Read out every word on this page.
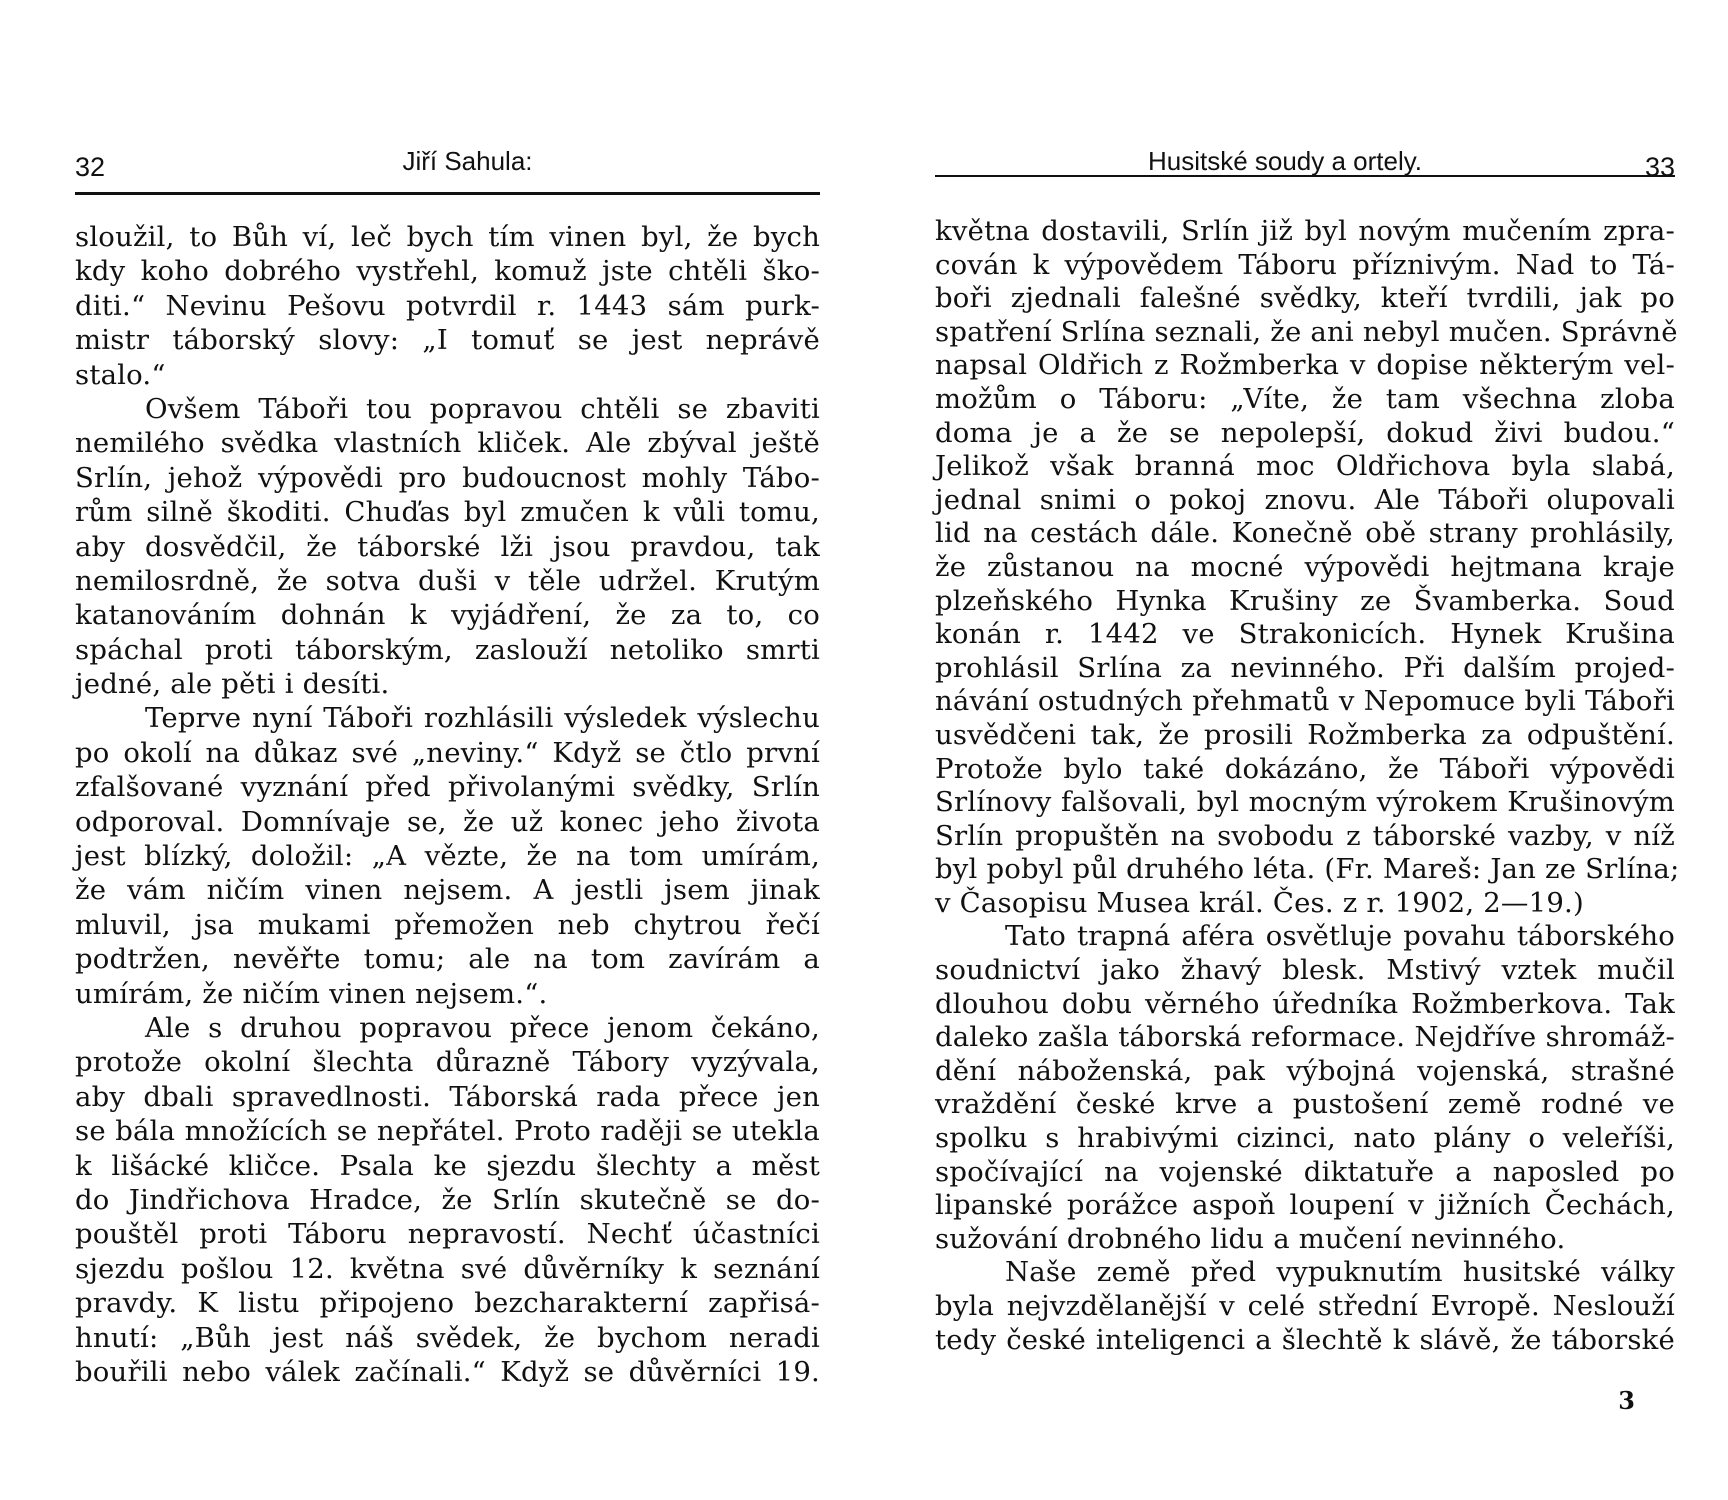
32	Jiří Sahula:
sloužil, to Bůh ví, leč bych tím vinen byl, že bych
kdy koho dobrého vystřehl, komuž jste chtěli ško-
diti.“ Nevinu Pešovu potvrdil r. 1443 sám purk-
mistr táborský slovy: „I tomuť se jest neprávě
stalo.“
Ovšem Táboři tou popravou chtěli se zbaviti
nemilého svědka vlastních kliček. Ale zbýval ještě
Srlín, jehož výpovědi pro budoucnost mohly Tábo-
rům silně škoditi. Chuďas byl zmučen k vůli tomu,
aby dosvědčil, že táborské lži jsou pravdou, tak
nemilosrdně, že sotva duši v těle udržel. Krutým
katanováním dohnán k vyjádření, že za to, co
spáchal proti táborským, zaslouží netoliko smrti
jedné, ale pěti i desíti.
Teprve nyní Táboři rozhlásili výsledek výslechu
po okolí na důkaz své „neviny.“ Když se čtlo první
zfalšované vyznání před přivolanými svědky, Srlín
odporoval. Domnívaje se, že už konec jeho života
jest blízký, doložil: „A vězte, že na tom umírám,
že vám ničím vinen nejsem. A jestli jsem jinak
mluvil, jsa mukami přemožen neb chytrou řečí
podtržen, nevěřte tomu; ale na tom zavírám a
umírám, že ničím vinen nejsem.“.
Ale s druhou popravou přece jenom čekáno,
protože okolní šlechta důrazně Tábory vyzývala,
aby dbali spravedlnosti. Táborská rada přece jen
se bála množících se nepřátel. Proto raději se utekla
k lišácké kličce. Psala ke sjezdu šlechty a měst
do Jindřichova Hradce, že Srlín skutečně se do-
pouštěl proti Táboru nepravostí. Nechť účastníci
sjezdu pošlou 12. května své důvěrníky k seznání
pravdy. K listu připojeno bezcharakterní zapřisá-
hnutí: „Bůh jest náš svědek, že bychom neradi
bouřili nebo válek začínali.“ Když se důvěrníci 19.
Husitské soudy a ortely.	33
května dostavili, Srlín již byl novým mučením zpra-
cován k výpovědem Táboru příznivým. Nad to Tá-
boři zjednali falešné svědky, kteří tvrdili, jak po
spatření Srlína seznali, že ani nebyl mučen. Správně
napsal Oldřich z Rožmberka v dopise některým vel-
možům o Táboru: „Víte, že tam všechna zloba
doma je a že se nepolepší, dokud živi budou.“
Jelikož však branná moc Oldřichova byla slabá,
jednal snimi o pokoj znovu. Ale Táboři olupovali
lid na cestách dále. Konečně obě strany prohlásily,
že zůstanou na mocné výpovědi hejtmana kraje
plzeňského Hynka Krušiny ze Švamberka. Soud
konán r. 1442 ve Strakonicích. Hynek Krušina
prohlásil Srlína za nevinného. Při dalším projed-
návání ostudných přehmatů v Nepomuce byli Táboři
usvědčeni tak, že prosili Rožmberka za odpuštění.
Protože bylo také dokázáno, že Táboři výpovědi
Srlínovy falšovali, byl mocným výrokem Krušinovým
Srlín propuštěn na svobodu z táborské vazby, v níž
byl pobyl půl druhého léta. (Fr. Mareš: Jan ze Srlína;
v Časopisu Musea král. Čes. z r. 1902, 2—19.)
Tato trapná aféra osvětluje povahu táborského
soudnictví jako žhavý blesk. Mstivý vztek mučil
dlouhou dobu věrného úředníka Rožmberkova. Tak
daleko zašla táborská reformace. Nejdříve shromáž-
dění náboženská, pak výbojná vojenská, strašné
vraždění české krve a pustošení země rodné ve
spolku s hrabivými cizinci, nato plány o veleříši,
spočívající na vojenské diktatuře a naposled po
lipanské porážce aspoň loupení v jižních Čechách,
sužování drobného lidu a mučení nevinného.
Naše země před vypuknutím husitské války
byla nejvzdělanější v celé střední Evropě. Neslouží
tedy české inteligenci a šlechtě k slávě, že táborské
3
